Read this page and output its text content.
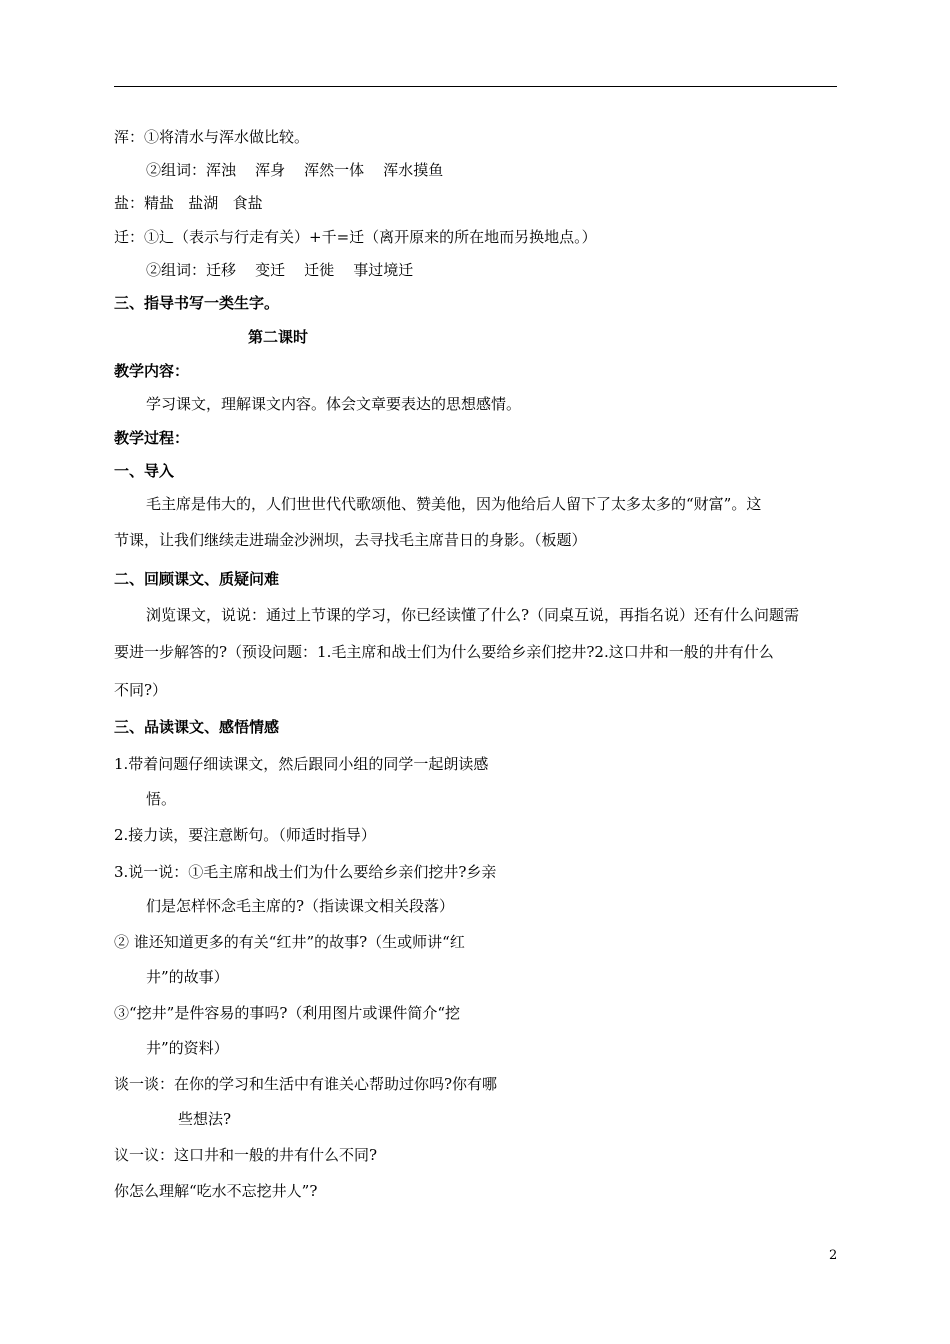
浑：①将清水与浑水做比较。
②组词：浑浊    浑身    浑然一体    浑水摸鱼
盐：精盐   盐湖   食盐
迁：①辶（表示与行走有关）+千=迁（离开原来的所在地而另换地点。）
②组词：迁移    变迁    迁徙    事过境迁
三、指导书写一类生字。
第二课时
教学内容：
学习课文，理解课文内容。体会文章要表达的思想感情。
教学过程：
一、导入
毛主席是伟大的，人们世世代代歌颂他、赞美他，因为他给后人留下了太多太多的“财富”。这
节课，让我们继续走进瑞金沙洲坝，去寻找毛主席昔日的身影。（板题）
二、回顾课文、质疑问难
浏览课文，说说：通过上节课的学习，你已经读懂了什么?（同桌互说，再指名说）还有什么问题需
要进一步解答的?（预设问题：1.毛主席和战士们为什么要给乡亲们挖井?2.这口井和一般的井有什么
不同?）
三、品读课文、感悟情感
1.带着问题仔细读课文，然后跟同小组的同学一起朗读感
悟。
2.接力读，要注意断句。（师适时指导）
3.说一说：①毛主席和战士们为什么要给乡亲们挖井?乡亲
们是怎样怀念毛主席的?（指读课文相关段落）
② 谁还知道更多的有关“红井”的故事?（生或师讲“红
井”的故事）
③“挖井”是件容易的事吗?（利用图片或课件简介“挖
井”的资料）
谈一谈：在你的学习和生活中有谁关心帮助过你吗?你有哪
些想法?
议一议：这口井和一般的井有什么不同?
你怎么理解“吃水不忘挖井人”?
2
